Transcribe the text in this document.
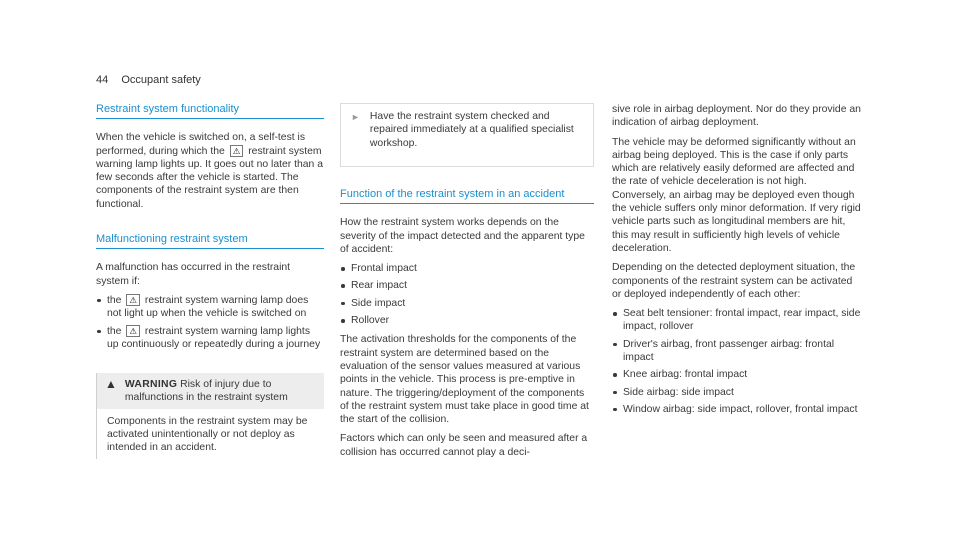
44 Occupant safety
Restraint system functionality

When the vehicle is switched on, a self-test is performed, during which the ⚠ restraint system warning lamp lights up. It goes out no later than a few seconds after the vehicle is started. The components of the restraint system are then functional.

Malfunctioning restraint system

A malfunction has occurred in the restraint system if:

the ⚠ restraint system warning lamp does not light up when the vehicle is switched on
the ⚠ restraint system warning lamp lights up continuously or repeatedly during a journey
▲ WARNING Risk of injury due to malfunctions in the restraint system
Components in the restraint system may be activated unintentionally or not deploy as intended in an accident.
► Have the restraint system checked and repaired immediately at a qualified specialist workshop.
Function of the restraint system in an accident

How the restraint system works depends on the severity of the impact detected and the apparent type of accident:

Frontal impact
Rear impact
Side impact
Rollover

The activation thresholds for the components of the restraint system are determined based on the evaluation of the sensor values measured at various points in the vehicle. This process is pre-emptive in nature. The triggering/deployment of the components of the restraint system must take place in good time at the start of the collision.

Factors which can only be seen and measured after a collision has occurred cannot play a deci-

sive role in airbag deployment. Nor do they provide an indication of airbag deployment.

The vehicle may be deformed significantly without an airbag being deployed. This is the case if only parts which are relatively easily deformed are affected and the rate of vehicle deceleration is not high. Conversely, an airbag may be deployed even though the vehicle suffers only minor deformation. If very rigid vehicle parts such as longitudinal members are hit, this may result in sufficiently high levels of vehicle deceleration.

Depending on the detected deployment situation, the components of the restraint system can be activated or deployed independently of each other:

Seat belt tensioner: frontal impact, rear impact, side impact, rollover
Driver's airbag, front passenger airbag: frontal impact
Knee airbag: frontal impact
Side airbag: side impact
Window airbag: side impact, rollover, frontal impact
